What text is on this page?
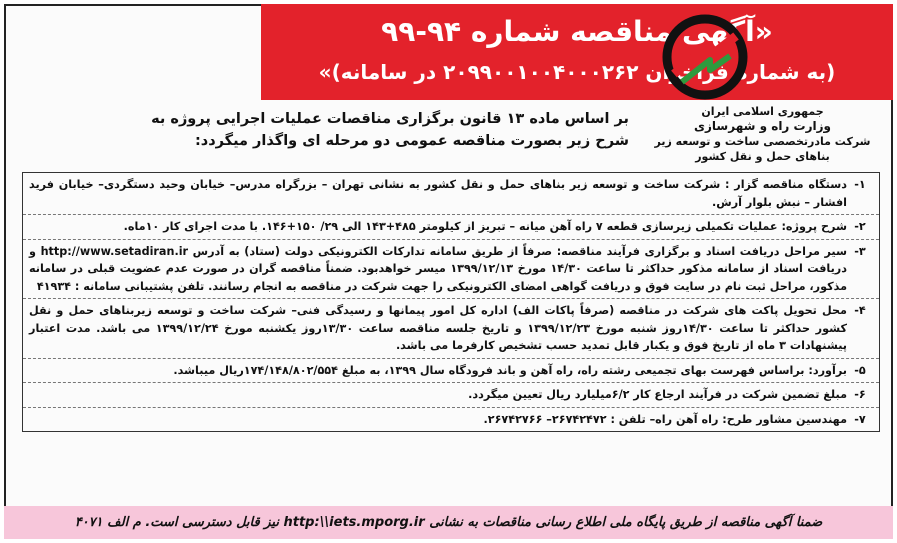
«آگهی مناقصه شماره ۹۴-۹۹
(به شماره فراخوان ۲۰۹۹۰۰۱۰۰۴۰۰۰۲۶۲ در سامانه)»
جمهوری اسلامی ایران
وزارت راه و شهرسازی
شرکت مادرتخصصی ساخت و توسعه زیر بناهای حمل و نقل کشور
بر اساس ماده ۱۳ قانون برگزاری مناقصات عملیات اجرایی پروژه به
شرح زیر بصورت مناقصه عمومی دو مرحله ای واگذار میگردد:
۱-
دستگاه مناقصه گزار : شرکت ساخت و توسعه زیر بناهای حمل و نقل کشور به نشانی تهران – بزرگراه مدرس– خیابان وحید دستگردی– خیابان فرید افشار – نبش بلوار آرش.
۲-
شرح پروژه: عملیات تکمیلی زیرسازی قطعه ۷ راه آهن میانه – تبریز از کیلومتر ۴۸۵+۱۴۳ الی ۲۹/ ۱۵۰+۱۴۶. با مدت اجرای کار ۱۰ماه.
۳-
سیر مراحل دریافت اسناد و برگزاری فرآیند مناقصه: صرفاً از طریق سامانه تدارکات الکترونیکی دولت (ستاد) به آدرس http://www.setadiran.ir و دریافت اسناد از سامانه مذکور حداکثر تا ساعت ۱۴/۳۰ مورخ ۱۳۹۹/۱۲/۱۳ میسر خواهدبود. ضمناً مناقصه گران در صورت عدم عضویت قبلی در سامانه مذکور، مراحل ثبت نام در سایت فوق و دریافت گواهی امضای الکترونیکی را جهت شرکت در مناقصه به انجام رسانند. تلفن پشتیبانی سامانه : ۴۱۹۳۴
۴-
محل تحویل پاکت های شرکت در مناقصه (صرفاً پاکات الف) اداره کل امور پیمانها و رسیدگی فنی– شرکت ساخت و توسعه زیربناهای حمل و نقل کشور حداکثر تا ساعت ۱۴/۳۰روز شنبه مورخ ۱۳۹۹/۱۲/۲۳ و تاریخ جلسه مناقصه ساعت ۱۳/۳۰روز یکشنبه مورخ ۱۳۹۹/۱۲/۲۴ می باشد. مدت اعتبار پیشنهادات ۳ ماه از تاریخ فوق و یکبار قابل تمدید حسب تشخیص کارفرما می باشد.
۵-
برآورد: براساس فهرست بهای تجمیعی رشته راه، راه آهن و باند فرودگاه سال ۱۳۹۹، به مبلغ ۱۷۴/۱۴۸/۸۰۲/۵۵۴ریال میباشد.
۶-
مبلغ تضمین شرکت در فرآیند ارجاع کار ۶/۲میلیارد ریال تعیین میگردد.
۷-
مهندسین مشاور طرح: راه آهن راه– تلفن : ۲۶۷۴۲۴۷۲– ۲۶۷۴۲۷۶۶.
ضمنا آگهی مناقصه از طریق پایگاه ملی اطلاع رسانی مناقصات به نشانی http:\\iets.mporg.ir نیز قابل دسترسی است. م الف ۴۰۷۱
